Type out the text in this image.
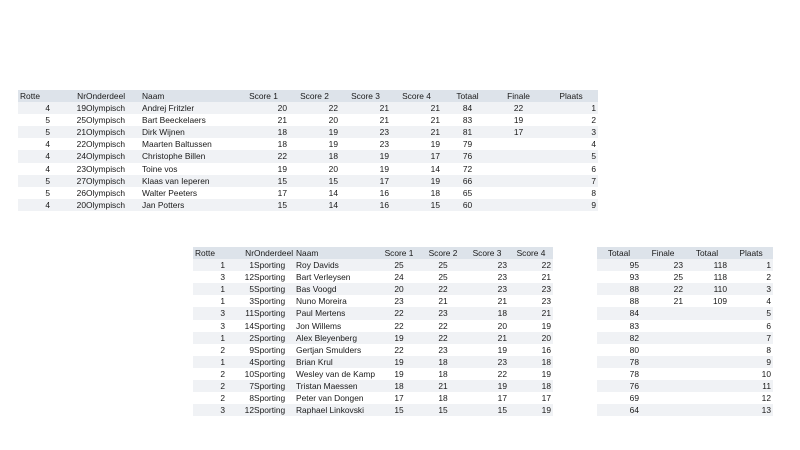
Rotte	Nr	Onderdeel	Naam	Score 1	Score 2	Score 3	Score 4	Totaal	Finale	Plaats
4	19	Olympisch	Andrej Fritzler	20	22	21	21	84	22	1
5	25	Olympisch	Bart Beeckelaers	21	20	21	21	83	19	2
5	21	Olympisch	Dirk Wijnen	18	19	23	21	81	17	3
4	22	Olympisch	Maarten Baltussen	18	19	23	19	79		4
4	24	Olympisch	Christophe Billen	22	18	19	17	76		5
4	23	Olympisch	Toine vos	19	20	19	14	72		6
5	27	Olympisch	Klaas van Ieperen	15	15	17	19	66		7
5	26	Olympisch	Walter Peeters	17	14	16	18	65		8
4	20	Olympisch	Jan Potters	15	14	16	15	60		9
Rotte	Nr	Onderdeel	Naam	Score 1	Score 2	Score 3	Score 4		Totaal	Finale	Totaal	Plaats
1	1	Sporting	Roy Davids	25	25	23	22		95	23	118	1
3	12	Sporting	Bart Verleysen	24	25	23	21		93	25	118	2
1	5	Sporting	Bas Voogd	20	22	23	23		88	22	110	3
1	3	Sporting	Nuno Moreira	23	21	21	23		88	21	109	4
3	11	Sporting	Paul Mertens	22	23	18	21		84			5
3	14	Sporting	Jon Willems	22	22	20	19		83			6
1	2	Sporting	Alex Bleyenberg	19	22	21	20		82			7
2	9	Sporting	Gertjan Smulders	22	23	19	16		80			8
1	4	Sporting	Brian Krul	19	18	23	18		78			9
2	10	Sporting	Wesley van de Kamp	19	18	22	19		78			10
2	7	Sporting	Tristan Maessen	18	21	19	18		76			11
2	8	Sporting	Peter van Dongen	17	18	17	17		69			12
3	12	Sporting	Raphael Linkovski	15	15	15	19		64			13
